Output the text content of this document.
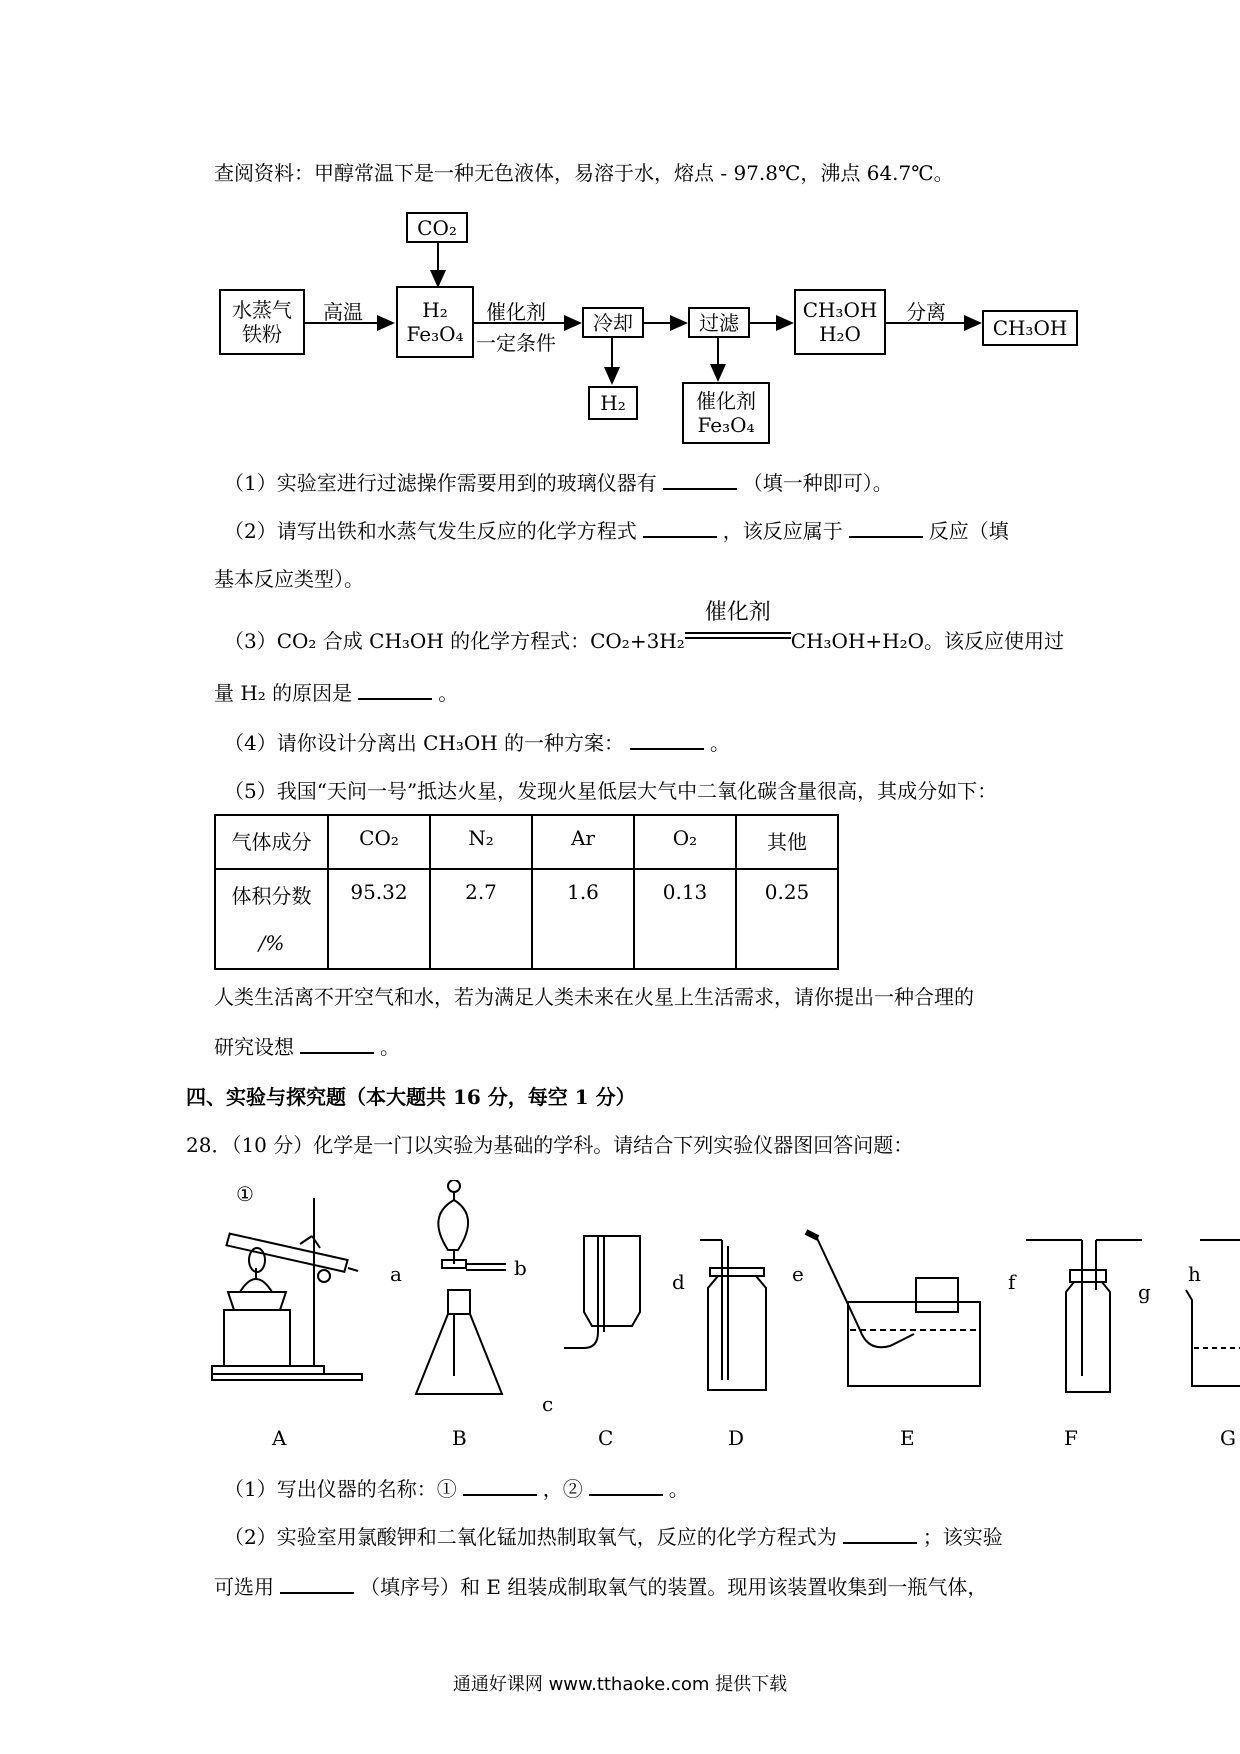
查阅资料：甲醇常温下是一种无色液体，易溶于水，熔点 - 97.8℃，沸点 64.7℃。
CO₂
水蒸气
铁粉
高温	H₂
Fe₃O₄
催化剂
一定条件
冷却
H₂
过滤
催化剂
Fe₃O₄
CH₃OH
H₂O
分离
CH₃OH
（1）实验室进行过滤操作需要用到的玻璃仪器有	（填一种即可）。
（2）请写出铁和水蒸气发生反应的化学方程式	，该反应属于	反应（填
基本反应类型）。
（3）CO₂ 合成 CH₃OH 的化学方程式：CO₂+3H₂
催化剂
CH₃OH+H₂O。该反应使用过
量 H₂ 的原因是	。
（4）请你设计分离出 CH₃OH 的一种方案：	。
（5）我国“天问一号”抵达火星，发现火星低层大气中二氧化碳含量很高，其成分如下：
气体成分	CO₂	N₂	Ar	O₂	其他

体积分数
/%	95.32	2.7	1.6	0.13	0.25
人类生活离不开空气和水，若为满足人类未来在火星上生活需求，请你提出一种合理的
研究设想	。
四、实验与探究题（本大题共 16 分，每空 1 分）
28．（10 分）化学是一门以实验为基础的学科。请结合下列实验仪器图回答问题：
①
a	b
c
d	e	f	g
h
A	B	C	D	E	F	G
（1）写出仪器的名称：①	，②	。
（2）实验室用氯酸钾和二氧化锰加热制取氧气，反应的化学方程式为	；该实验
可选用	（填序号）和 E 组装成制取氧气的装置。现用该装置收集到一瓶气体，
通通好课网 www.tthaoke.com 提供下载
